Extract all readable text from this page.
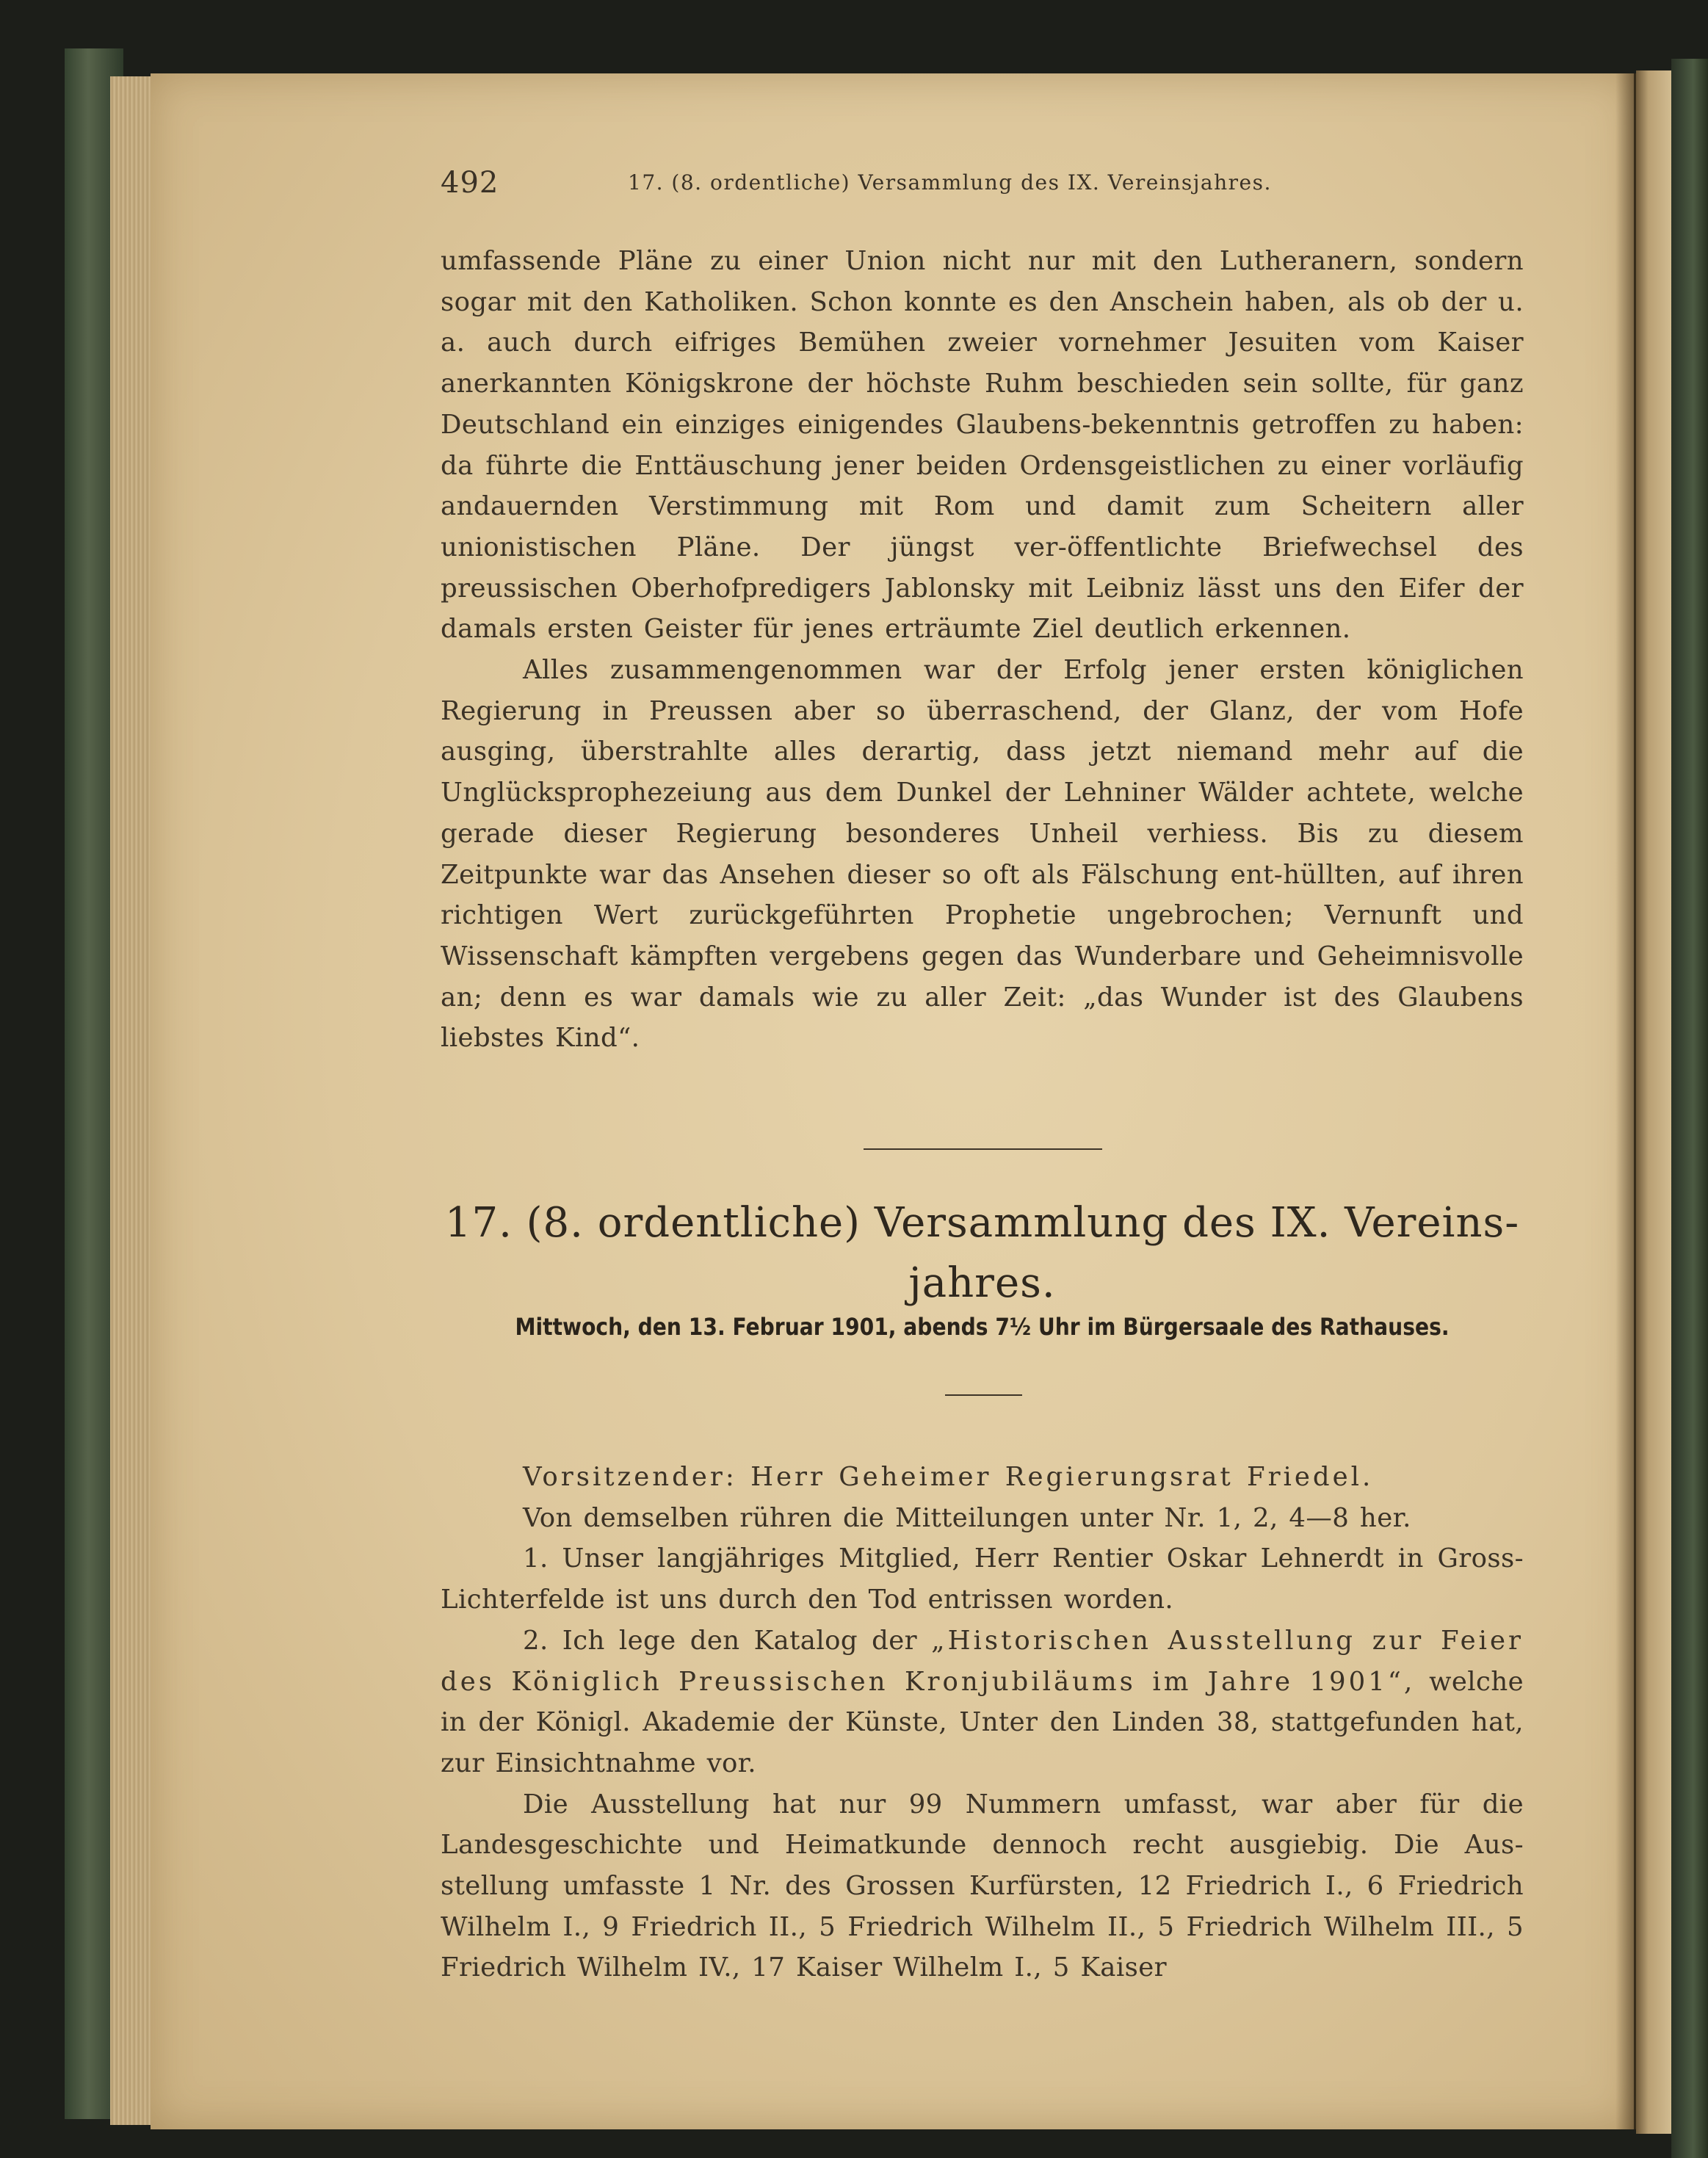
492	17. (8. ordentliche) Versammlung des IX. Vereinsjahres.

umfassende Pläne zu einer Union nicht nur mit den Lutheranern, sondern sogar mit den Katholiken. Schon konnte es den Anschein haben, als ob der u. a. auch durch eifriges Bemühen zweier vornehmer Jesuiten vom Kaiser anerkannten Königskrone der höchste Ruhm beschieden sein sollte, für ganz Deutschland ein einziges einigendes Glaubens-bekenntnis getroffen zu haben: da führte die Enttäuschung jener beiden Ordensgeistlichen zu einer vorläufig andauernden Verstimmung mit Rom und damit zum Scheitern aller unionistischen Pläne. Der jüngst ver-öffentlichte Briefwechsel des preussischen Oberhofpredigers Jablonsky mit Leibniz lässt uns den Eifer der damals ersten Geister für jenes erträumte Ziel deutlich erkennen.

Alles zusammengenommen war der Erfolg jener ersten königlichen Regierung in Preussen aber so überraschend, der Glanz, der vom Hofe ausging, überstrahlte alles derartig, dass jetzt niemand mehr auf die Unglücksprophezeiung aus dem Dunkel der Lehniner Wälder achtete, welche gerade dieser Regierung besonderes Unheil verhiess. Bis zu diesem Zeitpunkte war das Ansehen dieser so oft als Fälschung ent-hüllten, auf ihren richtigen Wert zurückgeführten Prophetie ungebrochen; Vernunft und Wissenschaft kämpften vergebens gegen das Wunderbare und Geheimnisvolle an; denn es war damals wie zu aller Zeit: „das Wunder ist des Glaubens liebstes Kind“.

17. (8. ordentliche) Versammlung des IX. Vereins-
jahres.
Mittwoch, den 13. Februar 1901, abends 7½ Uhr im Bürgersaale des Rathauses.

Vorsitzender: Herr Geheimer Regierungsrat Friedel.

Von demselben rühren die Mitteilungen unter Nr. 1, 2, 4—8 her.

1. Unser langjähriges Mitglied, Herr Rentier Oskar Lehnerdt in Gross-Lichterfelde ist uns durch den Tod entrissen worden.

2. Ich lege den Katalog der „Historischen Ausstellung zur Feier des Königlich Preussischen Kronjubiläums im Jahre 1901“, welche in der Königl. Akademie der Künste, Unter den Linden 38, stattgefunden hat, zur Einsichtnahme vor.

Die Ausstellung hat nur 99 Nummern umfasst, war aber für die Landesgeschichte und Heimatkunde dennoch recht ausgiebig. Die Aus-stellung umfasste 1 Nr. des Grossen Kurfürsten, 12 Friedrich I., 6 Friedrich Wilhelm I., 9 Friedrich II., 5 Friedrich Wilhelm II., 5 Friedrich Wilhelm III., 5 Friedrich Wilhelm IV., 17 Kaiser Wilhelm I., 5 Kaiser
